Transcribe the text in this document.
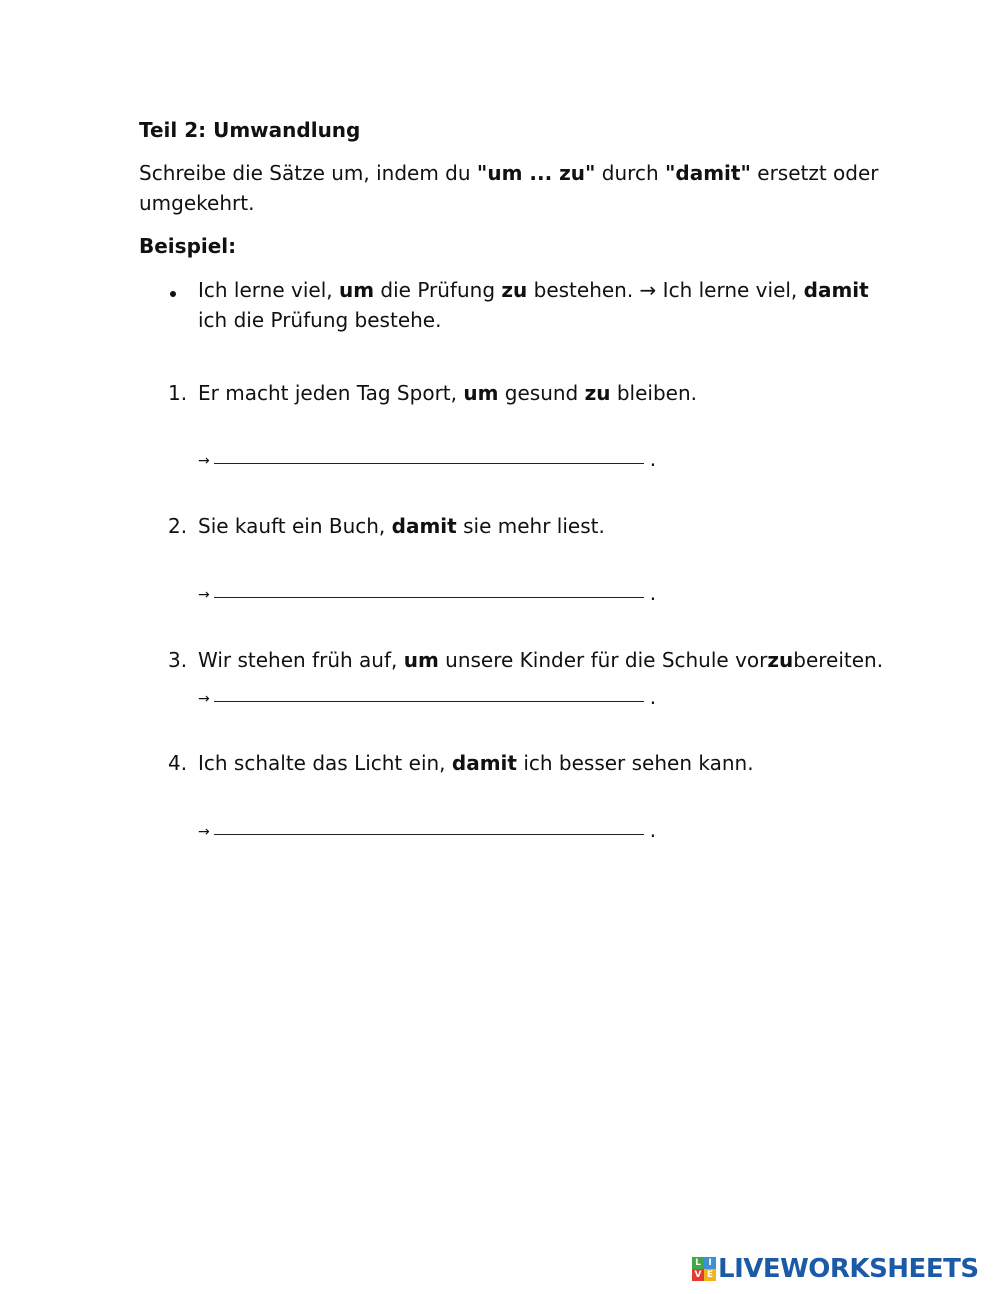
Teil 2: Umwandlung
Schreibe die Sätze um, indem du "um ... zu" durch "damit" ersetzt oder
umgekehrt.
Beispiel:
Ich lerne viel, um die Prüfung zu bestehen. → Ich lerne viel, damit
ich die Prüfung bestehe.
1. Er macht jeden Tag Sport, um gesund zu bleiben.
→	.
2. Sie kauft ein Buch, damit sie mehr liest.
→	.
3. Wir stehen früh auf, um unsere Kinder für die Schule vorzubereiten.
→	.
4. Ich schalte das Licht ein, damit ich besser sehen kann.
→	.
L I
V E LIVEWORKSHEETS
